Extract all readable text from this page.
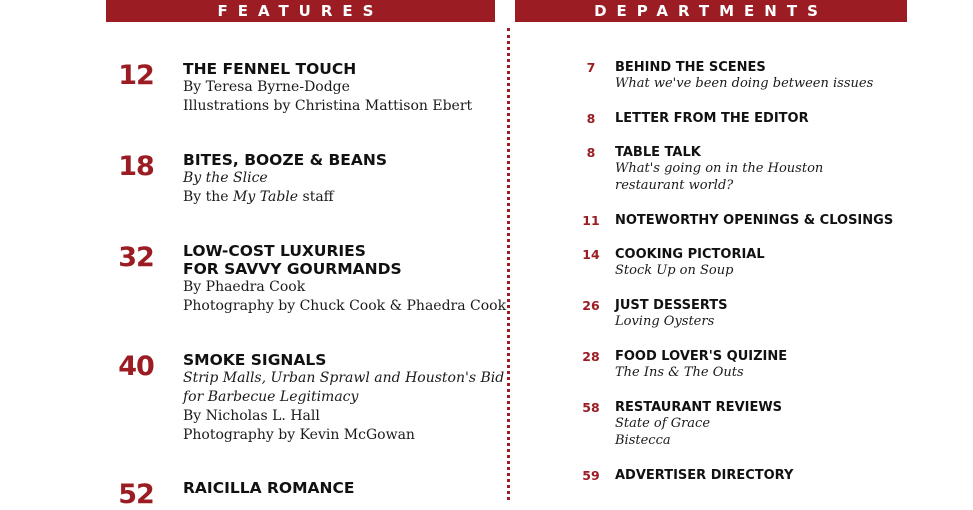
FEATURES	DEPARTMENTS
12	THE FENNEL TOUCH
By Teresa Byrne-Dodge
Illustrations by Christina Mattison Ebert
18	BITES, BOOZE & BEANS
By the Slice
By the My Table staff
32	LOW-COST LUXURIES
FOR SAVVY GOURMANDS
By Phaedra Cook
Photography by Chuck Cook & Phaedra Cook
40	SMOKE SIGNALS
Strip Malls, Urban Sprawl and Houston's Bid
for Barbecue Legitimacy
By Nicholas L. Hall
Photography by Kevin McGowan
52	RAICILLA ROMANCE
7	BEHIND THE SCENES
What we've been doing between issues
8	LETTER FROM THE EDITOR
8	TABLE TALK
What's going on in the Houston
restaurant world?
11	NOTEWORTHY OPENINGS & CLOSINGS
14	COOKING PICTORIAL
Stock Up on Soup
26	JUST DESSERTS
Loving Oysters
28	FOOD LOVER'S QUIZINE
The Ins & The Outs
58	RESTAURANT REVIEWS
State of Grace
Bistecca
59	ADVERTISER DIRECTORY
